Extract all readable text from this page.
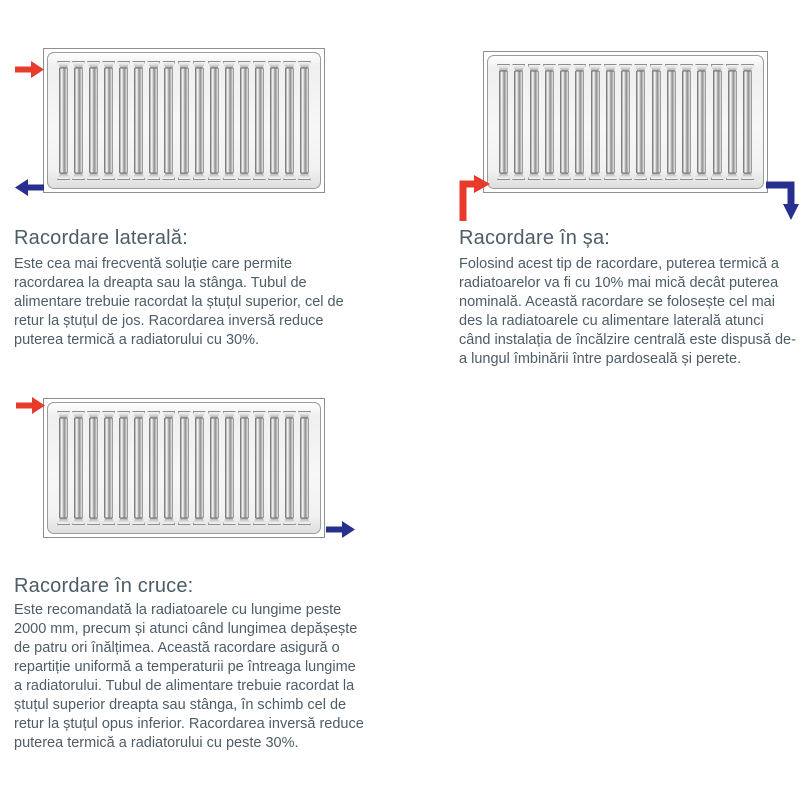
Racordare laterală:

Este cea mai frecventă soluție care permite racordarea la dreapta sau la stânga. Tubul de alimentare trebuie racordat la ștuțul superior, cel de retur la ștuțul de jos. Racordarea inversă reduce puterea termică a radiatorului cu 30%.

Racordare în șa:

Folosind acest tip de racordare, puterea termică a radiatoarelor va fi cu 10% mai mică decât puterea nominală. Această racordare se folosește cel mai des la radiatoarele cu alimentare laterală atunci când instalația de încălzire centrală este dispusă de-a lungul îmbinării între pardoseală și perete.

Racordare în cruce:

Este recomandată la radiatoarele cu lungime peste 2000 mm, precum și atunci când lungimea depășește de patru ori înălțimea. Această racordare asigură o repartiție uniformă a temperaturii pe întreaga lungime a radiatorului. Tubul de alimentare trebuie racordat la ștuțul superior dreapta sau stânga, în schimb cel de retur la ștuțul opus inferior. Racordarea inversă reduce puterea termică a radiatorului cu peste 30%.
